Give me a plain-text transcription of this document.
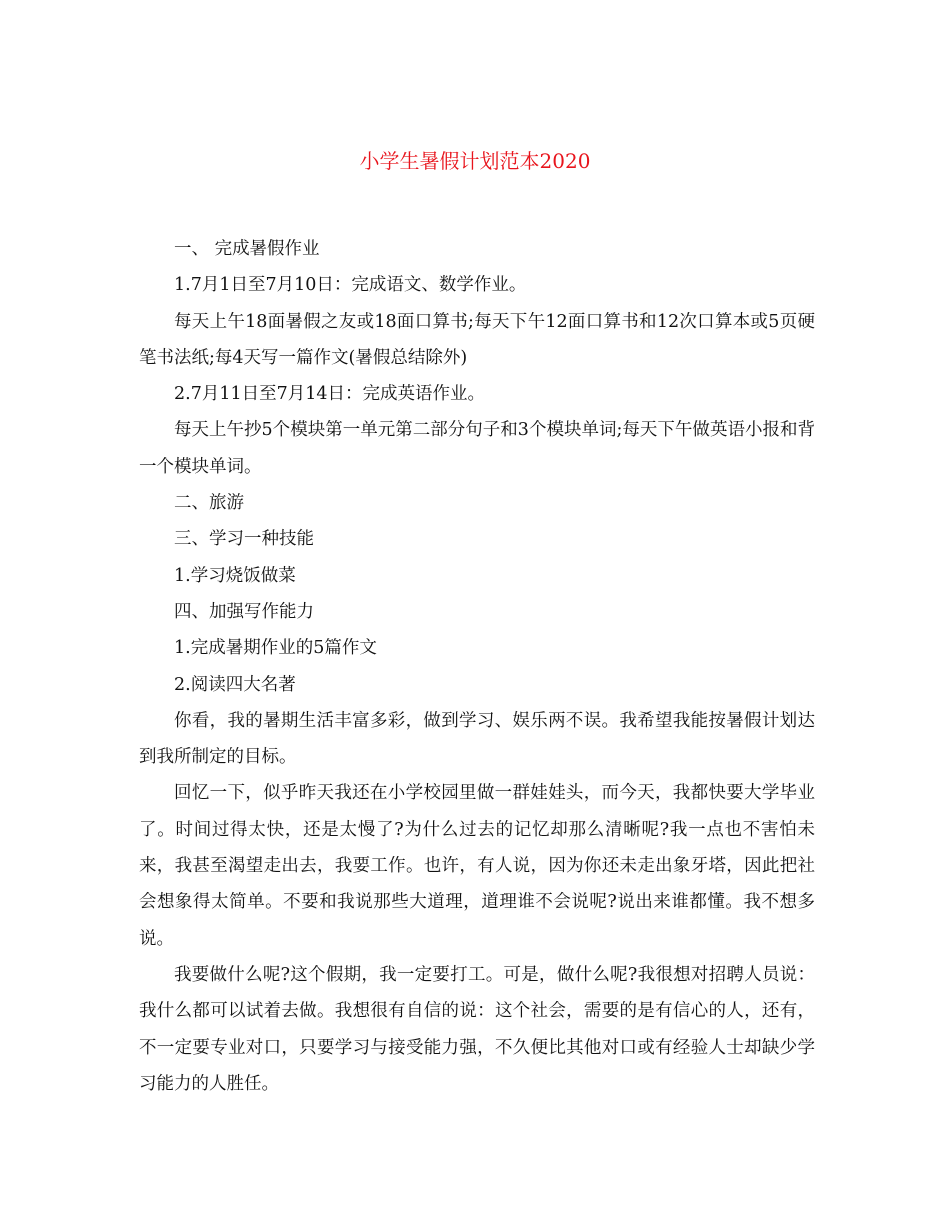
小学生暑假计划范本2020

一、 完成暑假作业

1.7月1日至7月10日：完成语文、数学作业。

每天上午18面暑假之友或18面口算书;每天下午12面口算书和12次口算本或5页硬笔书法纸;每4天写一篇作文(暑假总结除外)

2.7月11日至7月14日：完成英语作业。

每天上午抄5个模块第一单元第二部分句子和3个模块单词;每天下午做英语小报和背一个模块单词。

二、旅游

三、学习一种技能

1.学习烧饭做菜

四、加强写作能力

1.完成暑期作业的5篇作文

2.阅读四大名著

你看，我的暑期生活丰富多彩，做到学习、娱乐两不误。我希望我能按暑假计划达到我所制定的目标。

回忆一下，似乎昨天我还在小学校园里做一群娃娃头，而今天，我都快要大学毕业了。时间过得太快，还是太慢了?为什么过去的记忆却那么清晰呢?我一点也不害怕未来，我甚至渴望走出去，我要工作。也许，有人说，因为你还未走出象牙塔，因此把社会想象得太简单。不要和我说那些大道理，道理谁不会说呢?说出来谁都懂。我不想多说。

我要做什么呢?这个假期，我一定要打工。可是，做什么呢?我很想对招聘人员说：我什么都可以试着去做。我想很有自信的说：这个社会，需要的是有信心的人，还有，不一定要专业对口，只要学习与接受能力强，不久便比其他对口或有经验人士却缺少学习能力的人胜任。
